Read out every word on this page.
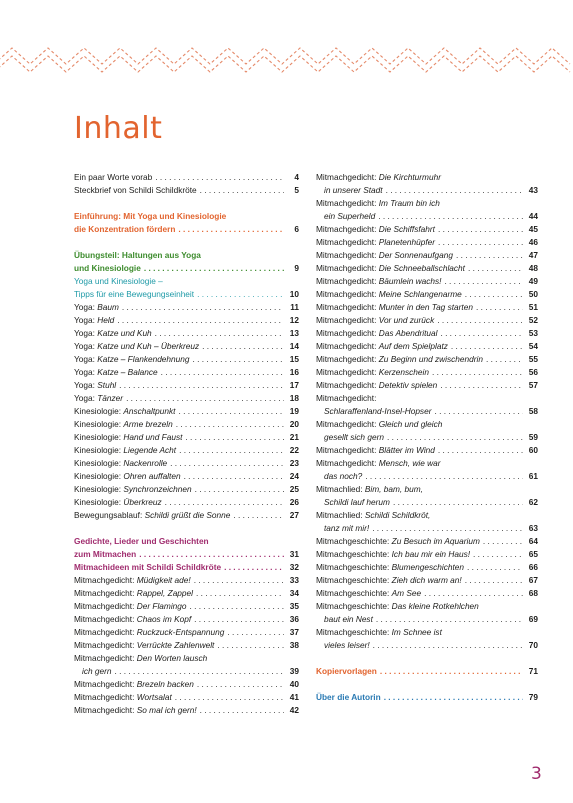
Inhalt
Ein paar Worte vorab . . .	4
Steckbrief von Schildi Schildkröte . . .	5
Einführung: Mit Yoga und Kinesiologie
die Konzentration fördern . . .	6
Übungsteil: Haltungen aus Yoga
und Kinesiologie . . .	9
Yoga und Kinesiologie –
Tipps für eine Bewegungseinheit . . .	10
Yoga: Baum . . .	11
Yoga: Held . . .	12
Yoga: Katze und Kuh . . .	13
Yoga: Katze und Kuh – Überkreuz . . .	14
Yoga: Katze – Flankendehnung . . .	15
Yoga: Katze – Balance . . .	16
Yoga: Stuhl . . .	17
Yoga: Tänzer . . .	18
Kinesiologie: Anschaltpunkt . . .	19
Kinesiologie: Arme brezeln . . .	20
Kinesiologie: Hand und Faust . . .	21
Kinesiologie: Liegende Acht . . .	22
Kinesiologie: Nackenrolle . . .	23
Kinesiologie: Ohren auffalten . . .	24
Kinesiologie: Synchronzeichnen . . .	25
Kinesiologie: Überkreuz . . .	26
Bewegungsablauf: Schildi grüßt die Sonne . . .	27
Gedichte, Lieder und Geschichten
zum Mitmachen . . .	31
Mitmachideen mit Schildi Schildkröte . . .	32
Mitmachgedicht: Müdigkeit ade! . . .	33
Mitmachgedicht: Rappel, Zappel . . .	34
Mitmachgedicht: Der Flamingo . . .	35
Mitmachgedicht: Chaos im Kopf . . .	36
Mitmachgedicht: Ruckzuck-Entspannung . . .	37
Mitmachgedicht: Verrückte Zahlenwelt . . .	38
Mitmachgedicht: Den Worten lausch
ich gern . . .	39
Mitmachgedicht: Brezeln backen . . .	40
Mitmachgedicht: Wortsalat . . .	41
Mitmachgedicht: So mal ich gern! . . .	42
Mitmachgedicht: Die Kirchturmuhr
in unserer Stadt . . .	43
Mitmachgedicht: Im Traum bin ich
ein Superheld . . .	44
Mitmachgedicht: Die Schiffsfahrt . . .	45
Mitmachgedicht: Planetenhüpfer . . .	46
Mitmachgedicht: Der Sonnenaufgang . . .	47
Mitmachgedicht: Die Schneeballschlacht . . .	48
Mitmachgedicht: Bäumlein wachs! . . .	49
Mitmachgedicht: Meine Schlangenarme . . .	50
Mitmachgedicht: Munter in den Tag starten . . .	51
Mitmachgedicht: Vor und zurück . . .	52
Mitmachgedicht: Das Abendritual . . .	53
Mitmachgedicht: Auf dem Spielplatz . . .	54
Mitmachgedicht: Zu Beginn und zwischendrin . . .	55
Mitmachgedicht: Kerzenschein . . .	56
Mitmachgedicht: Detektiv spielen . . .	57
Mitmachgedicht:
Schlaraffenland-Insel-Hopser . . .	58
Mitmachgedicht: Gleich und gleich
gesellt sich gern . . .	59
Mitmachgedicht: Blätter im Wind . . .	60
Mitmachgedicht: Mensch, wie war
das noch? . . .	61
Mitmachlied: Bim, bam, bum,
Schildi lauf herum . . .	62
Mitmachlied: Schildi Schildkröt,
tanz mit mir! . . .	63
Mitmachgeschichte: Zu Besuch im Aquarium . . .	64
Mitmachgeschichte: Ich bau mir ein Haus! . . .	65
Mitmachgeschichte: Blumengeschichten . . .	66
Mitmachgeschichte: Zieh dich warm an! . . .	67
Mitmachgeschichte: Am See . . .	68
Mitmachgeschichte: Das kleine Rotkehlchen
baut ein Nest . . .	69
Mitmachgeschichte: Im Schnee ist
vieles leiser! . . .	70
Kopiervorlagen . . .	71
Über die Autorin . . .	79
3
